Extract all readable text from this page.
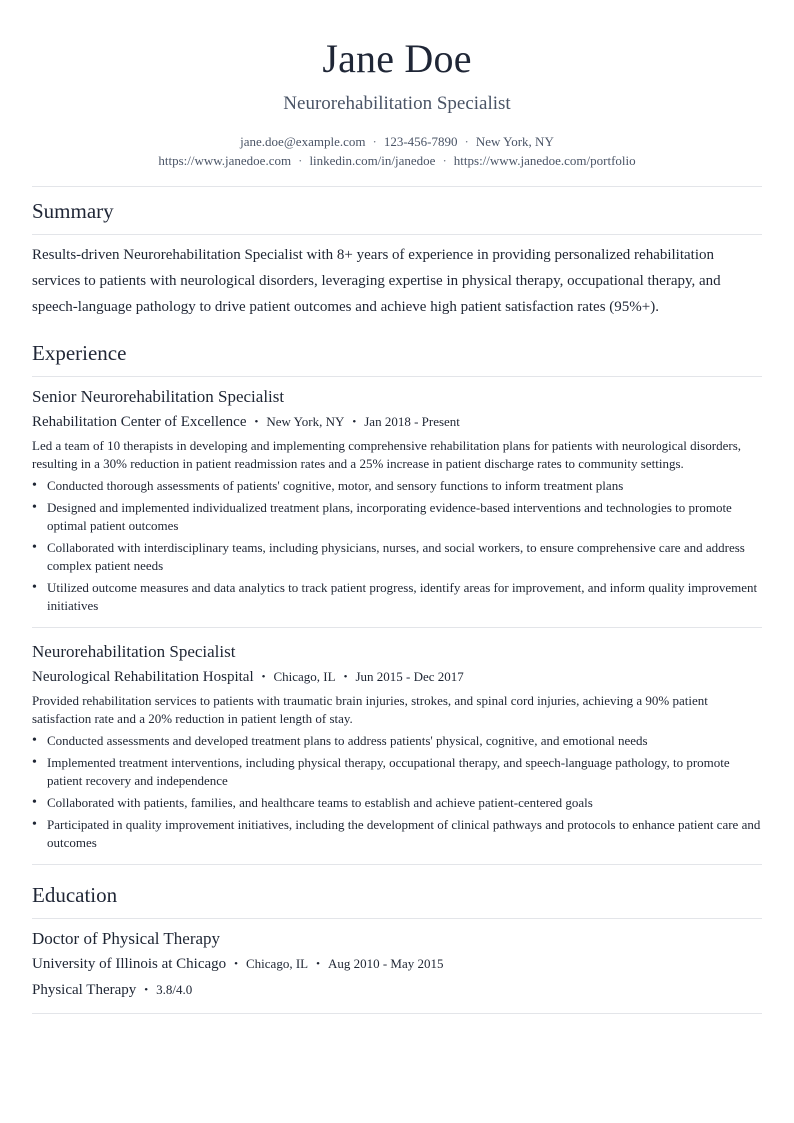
Jane Doe
Neurorehabilitation Specialist
jane.doe@example.com · 123-456-7890 · New York, NY
https://www.janedoe.com · linkedin.com/in/janedoe · https://www.janedoe.com/portfolio
Summary
Results-driven Neurorehabilitation Specialist with 8+ years of experience in providing personalized rehabilitation services to patients with neurological disorders, leveraging expertise in physical therapy, occupational therapy, and speech-language pathology to drive patient outcomes and achieve high patient satisfaction rates (95%+).
Experience
Senior Neurorehabilitation Specialist
Rehabilitation Center of Excellence • New York, NY • Jan 2018 - Present
Led a team of 10 therapists in developing and implementing comprehensive rehabilitation plans for patients with neurological disorders, resulting in a 30% reduction in patient readmission rates and a 25% increase in patient discharge rates to community settings.
• Conducted thorough assessments of patients' cognitive, motor, and sensory functions to inform treatment plans
• Designed and implemented individualized treatment plans, incorporating evidence-based interventions and technologies to promote optimal patient outcomes
• Collaborated with interdisciplinary teams, including physicians, nurses, and social workers, to ensure comprehensive care and address complex patient needs
• Utilized outcome measures and data analytics to track patient progress, identify areas for improvement, and inform quality improvement initiatives
Neurorehabilitation Specialist
Neurological Rehabilitation Hospital • Chicago, IL • Jun 2015 - Dec 2017
Provided rehabilitation services to patients with traumatic brain injuries, strokes, and spinal cord injuries, achieving a 90% patient satisfaction rate and a 20% reduction in patient length of stay.
• Conducted assessments and developed treatment plans to address patients' physical, cognitive, and emotional needs
• Implemented treatment interventions, including physical therapy, occupational therapy, and speech-language pathology, to promote patient recovery and independence
• Collaborated with patients, families, and healthcare teams to establish and achieve patient-centered goals
• Participated in quality improvement initiatives, including the development of clinical pathways and protocols to enhance patient care and outcomes
Education
Doctor of Physical Therapy
University of Illinois at Chicago • Chicago, IL • Aug 2010 - May 2015
Physical Therapy • 3.8/4.0
